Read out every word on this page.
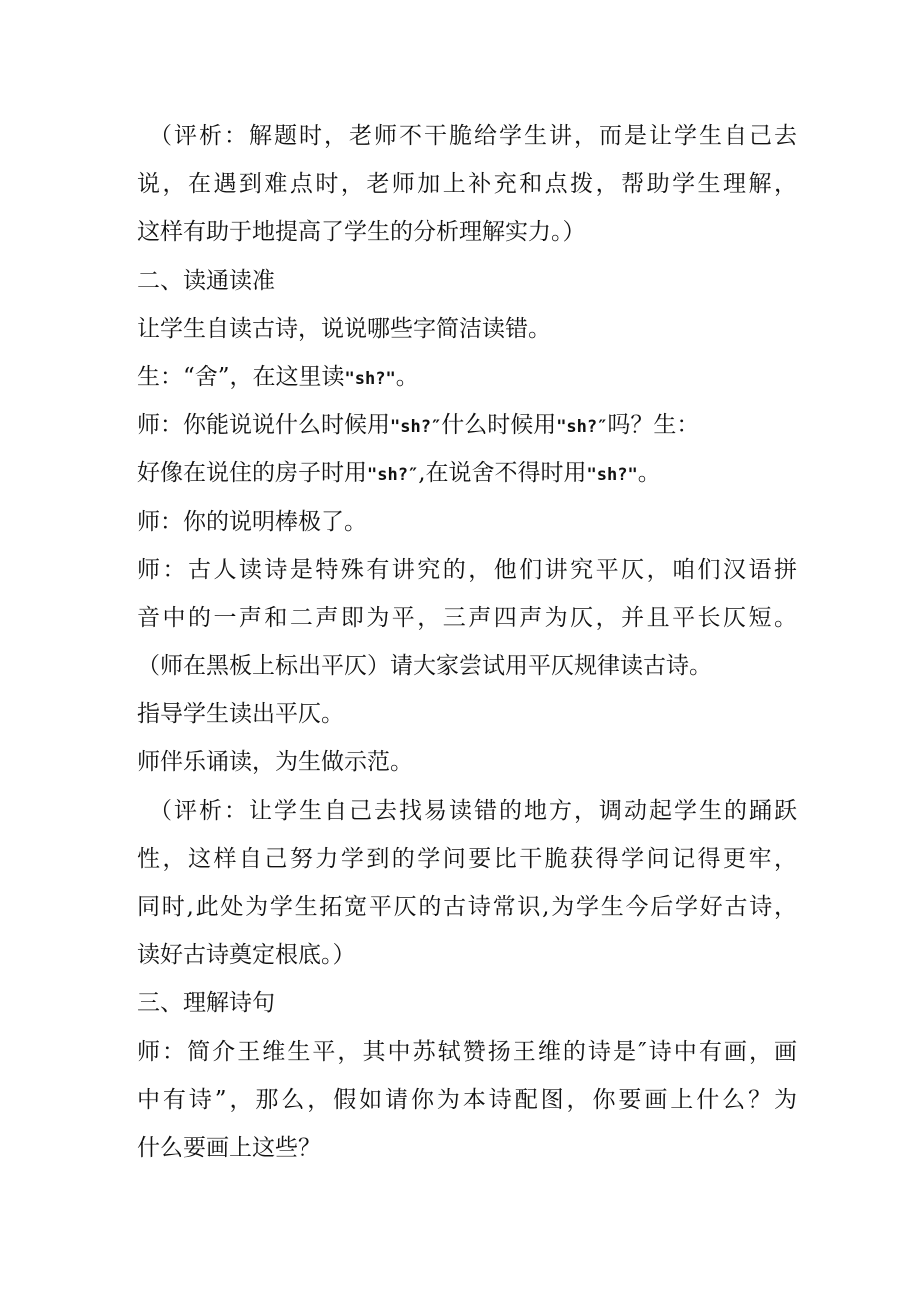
（评析：解题时，老师不干脆给学生讲，而是让学生自己去
说，在遇到难点时，老师加上补充和点拨，帮助学生理解，
这样有助于地提高了学生的分析理解实力。）
二、读通读准
让学生自读古诗，说说哪些字简洁读错。
生：“舍”，在这里读"sh?"。
师：你能说说什么时候用"sh?″什么时候用"sh?″吗？生：
好像在说住的房子时用"sh?″,在说舍不得时用"sh?"。
师：你的说明棒极了。
师：古人读诗是特殊有讲究的，他们讲究平仄，咱们汉语拼
音中的一声和二声即为平，三声四声为仄，并且平长仄短。
（师在黑板上标出平仄）请大家尝试用平仄规律读古诗。
指导学生读出平仄。
师伴乐诵读，为生做示范。
（评析：让学生自己去找易读错的地方，调动起学生的踊跃
性，这样自己努力学到的学问要比干脆获得学问记得更牢，
同时,此处为学生拓宽平仄的古诗常识,为学生今后学好古诗，
读好古诗奠定根底。）
三、理解诗句
师：简介王维生平，其中苏轼赞扬王维的诗是″诗中有画，画
中有诗”，那么，假如请你为本诗配图，你要画上什么？为
什么要画上这些？
